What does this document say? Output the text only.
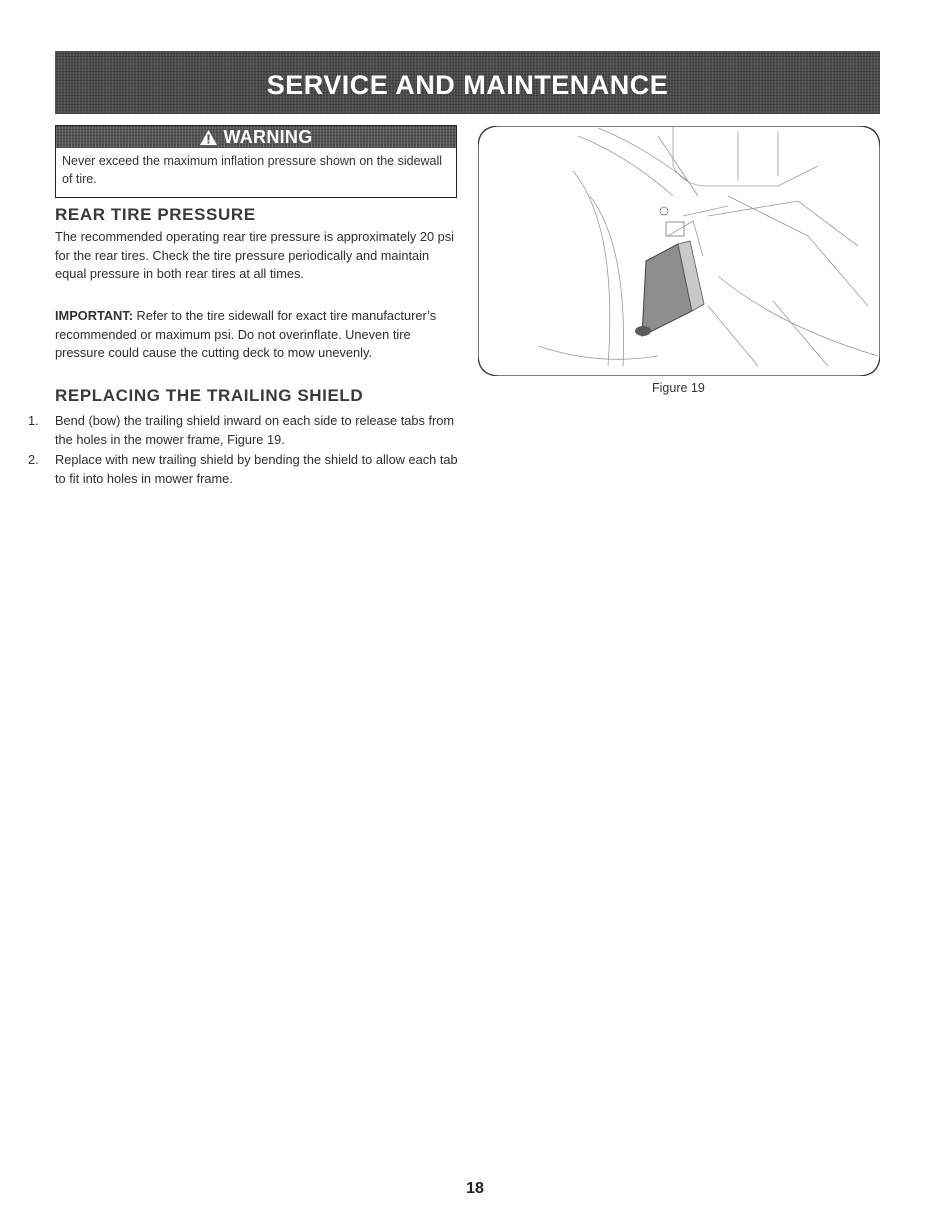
SERVICE AND MAINTENANCE
WARNING
Never exceed the maximum inflation pressure shown on the sidewall of tire.
REAR TIRE PRESSURE

The recommended operating rear tire pressure is approximately 20 psi for the rear tires. Check the tire pressure periodically and maintain equal pressure in both rear tires at all times.

IMPORTANT: Refer to the tire sidewall for exact tire manufacturer’s recommended or maximum psi. Do not overinflate. Uneven tire pressure could cause the cutting deck to mow unevenly.

REPLACING THE TRAILING SHIELD
1.	Bend (bow) the trailing shield inward on each side to release tabs from the holes in the mower frame, Figure 19.
2.	Replace with new trailing shield by bending the shield to allow each tab to fit into holes in mower frame.
Figure 19
18
